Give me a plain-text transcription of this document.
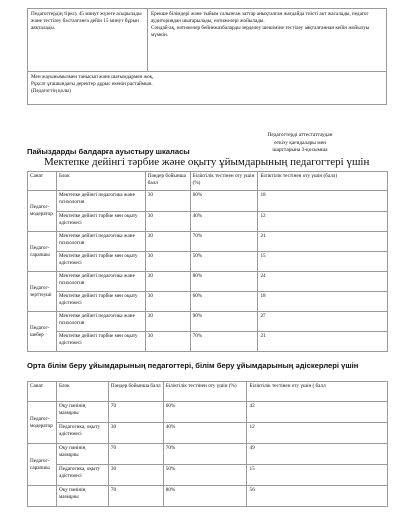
Педагогтердің тірксу 45 минут жүзеге асырылады және тестілеу басталғанға дейін 15 минут бұрын аяқталады.	
Ерекше білімдері және тыйым салынған заттар анықталған жағдайда тиісті акт жасалады, педагог аудиториядан шығарылады, нәтижелері жойылады.
Сондай-ақ, нәтижелер бейнежазбаларды зерделеу шешіміне тестілеу аяқталғаннан кейін жойылуы мүмкін.

Мен жауынымызмен танысып және шағымдармен жоқ,
Рұқсат ұғашындағы деректер дұрыс екенін растаймын.
(Педагогтің қолы)
Педагогтерді аттестаттаудан
өткізу қағидалары мен
шарттарына 3-қосымша
Пайыздарды балдарға ауыстыру шкаласы
Мектепке дейінгі тәрбие және оқыту ұйымдарының педагогтері үшін
Санат	Блок	Пәндер бойынша балл	Біліктілік тестінен оту үшін (%)	Біліктілік тестінен оту үшін (балл)
Педагог-модератор	Мектепке дейінгі педагогика және психология	30	60%	18
	Мектепке дейінгі тәрбие мен оқыту әдістемесі	30	40%	12
Педагог-сарапшы	Мектепке дейінгі педагогика және психология	30	70%	21
	Мектепке дейінгі тәрбие мен оқыту әдістемесі	30	50%	15
Педагог-зерттеуші	Мектепке дейінгі педагогика және психология	30	80%	24
	Мектепке дейінгі тәрбие мен оқыту әдістемесі	30	60%	18
Педагог-шебер	Мектепке дейінгі педагогика және психология	30	90%	27
	Мектепке дейінгі тәрбие мен оқыту әдістемесі	30	70%	21
Орта білім беру ұйымдарының педагогтері, білім беру ұйымдарының әдіскерлері үшін
Санат	Блок	Пәндер бойынша балл	Біліктілік тестінен оту үшін (%)	Біліктілік тестінен оту үшін ( балл
Педагог-модератор	Оқу пәнінің мазмұны	70	60%	42
	Педагогика, оқыту әдістемесі	30	40%	12
Педагог-сарапшы	Оқу пәнінің мазмұны	70	70%	49
	Педагогика, оқыту әдістемесі	30	50%	15
	Оқу пәнінің мазмұны	70	80%	56
